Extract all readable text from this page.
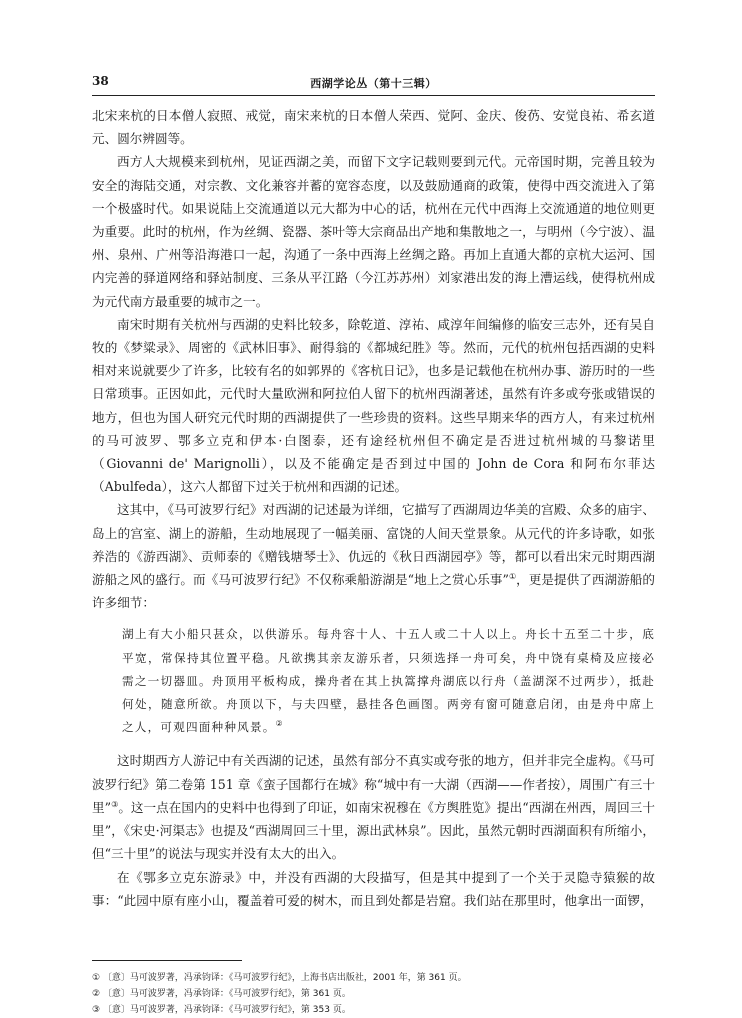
38	西湖学论丛（第十三辑）

北宋来杭的日本僧人寂照、戒觉，南宋来杭的日本僧人荣西、觉阿、金庆、俊芿、安觉良祐、希玄道元、圆尔辨圆等。

西方人大规模来到杭州，见证西湖之美，而留下文字记载则要到元代。元帝国时期，完善且较为安全的海陆交通，对宗教、文化兼容并蓄的宽容态度，以及鼓励通商的政策，使得中西交流进入了第一个极盛时代。如果说陆上交流通道以元大都为中心的话，杭州在元代中西海上交流通道的地位则更为重要。此时的杭州，作为丝绸、瓷器、茶叶等大宗商品出产地和集散地之一，与明州（今宁波）、温州、泉州、广州等沿海港口一起，沟通了一条中西海上丝绸之路。再加上直通大都的京杭大运河、国内完善的驿道网络和驿站制度、三条从平江路（今江苏苏州）刘家港出发的海上漕运线，使得杭州成为元代南方最重要的城市之一。

南宋时期有关杭州与西湖的史料比较多，除乾道、淳祐、咸淳年间编修的临安三志外，还有吴自牧的《梦粱录》、周密的《武林旧事》、耐得翁的《都城纪胜》等。然而，元代的杭州包括西湖的史料相对来说就要少了许多，比较有名的如郭界的《客杭日记》，也多是记载他在杭州办事、游历时的一些日常琐事。正因如此，元代时大量欧洲和阿拉伯人留下的杭州西湖著述，虽然有许多或夸张或错误的地方，但也为国人研究元代时期的西湖提供了一些珍贵的资料。这些早期来华的西方人，有来过杭州的马可波罗、鄂多立克和伊本·白图泰，还有途经杭州但不确定是否进过杭州城的马黎诺里（Giovanni de' Marignolli），以及不能确定是否到过中国的 John de Cora 和阿布尔菲达（Abulfeda），这六人都留下过关于杭州和西湖的记述。

这其中，《马可波罗行纪》对西湖的记述最为详细，它描写了西湖周边华美的宫殿、众多的庙宇、岛上的宫室、湖上的游船，生动地展现了一幅美丽、富饶的人间天堂景象。从元代的许多诗歌，如张养浩的《游西湖》、贡师泰的《赠钱塘琴士》、仇远的《秋日西湖园亭》等，都可以看出宋元时期西湖游船之风的盛行。而《马可波罗行纪》不仅称乘船游湖是“地上之赏心乐事”①，更是提供了西湖游船的许多细节：

湖上有大小船只甚众，以供游乐。每舟容十人、十五人或二十人以上。舟长十五至二十步，底平宽，常保持其位置平稳。凡欲携其亲友游乐者，只须选择一舟可矣，舟中饶有桌椅及应接必需之一切器皿。舟顶用平板构成，操舟者在其上执篙撑舟湖底以行舟（盖湖深不过两步），抵赴何处，随意所欲。舟顶以下，与夫四壁，悬挂各色画图。两旁有窗可随意启闭，由是舟中席上之人，可观四面种种风景。②

这时期西方人游记中有关西湖的记述，虽然有部分不真实或夸张的地方，但并非完全虚构。《马可波罗行纪》第二卷第 151 章《蛮子国都行在城》称“城中有一大湖（西湖——作者按），周围广有三十里”③。这一点在国内的史料中也得到了印证，如南宋祝穆在《方舆胜览》提出“西湖在州西，周回三十里”，《宋史·河渠志》也提及“西湖周回三十里，源出武林泉”。因此，虽然元朝时西湖面积有所缩小，但“三十里”的说法与现实并没有太大的出入。

在《鄂多立克东游录》中，并没有西湖的大段描写，但是其中提到了一个关于灵隐寺猿猴的故事：“此园中原有座小山，覆盖着可爱的树木，而且到处都是岩窟。我们站在那里时，他拿出一面锣，

① 〔意〕马可波罗著，冯承钧译：《马可波罗行纪》，上海书店出版社，2001 年，第 361 页。
② 〔意〕马可波罗著，冯承钧译：《马可波罗行纪》，第 361 页。
③ 〔意〕马可波罗著，冯承钧译：《马可波罗行纪》，第 353 页。
